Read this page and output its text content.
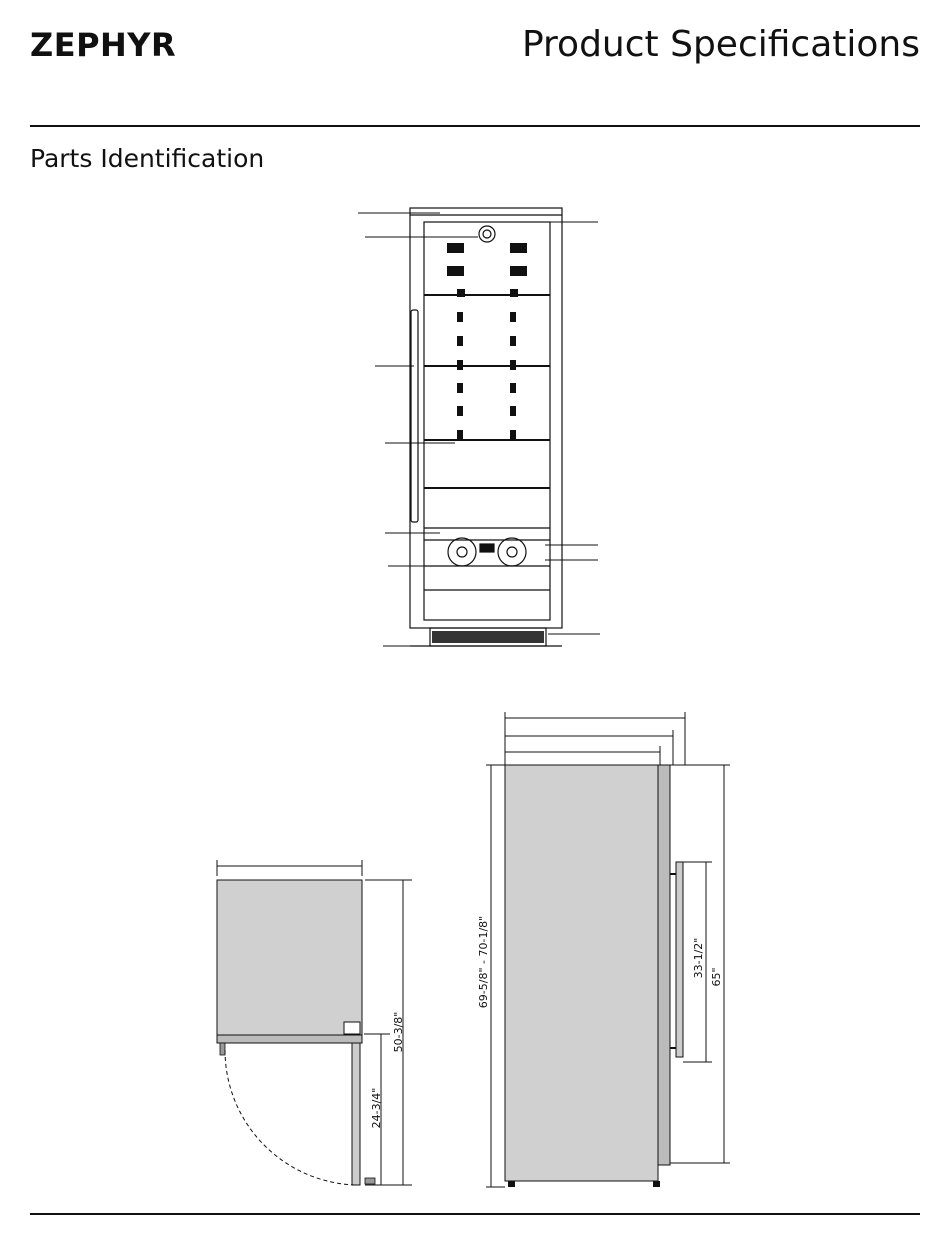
ZEPHYR	Product Specifications
Parts Identification
50-3/8"
24-3/4"
69-5/8" - 70-1/8"	33-1/2" 65"
